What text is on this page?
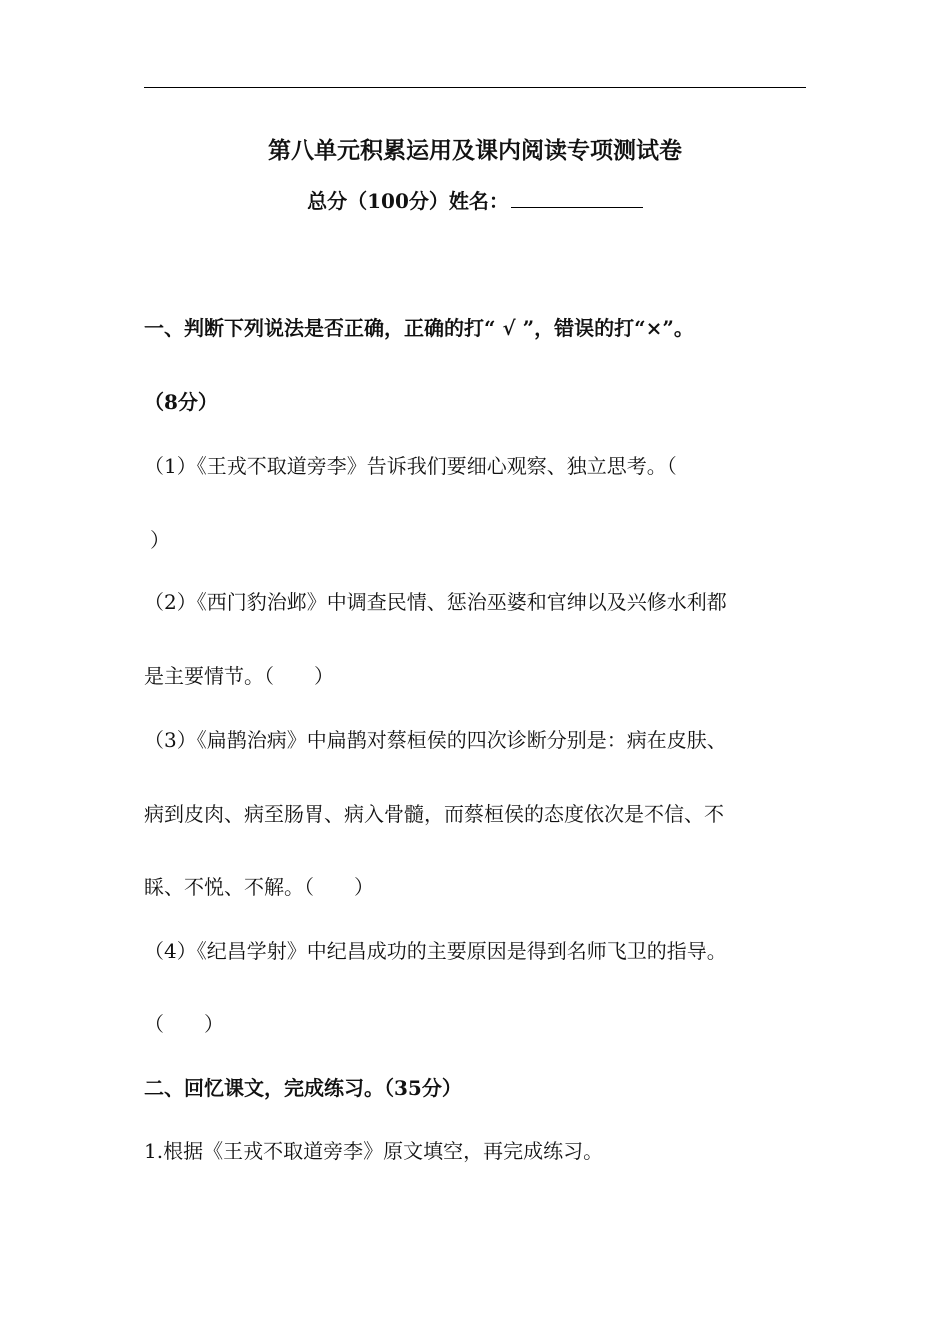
第八单元积累运用及课内阅读专项测试卷
总分（100分）姓名：
一、判断下列说法是否正确，正确的打“ √ ”，错误的打“×”。
（8分）
（1）《王戎不取道旁李》告诉我们要细心观察、独立思考。（
）
（2）《西门豹治邺》中调查民情、惩治巫婆和官绅以及兴修水利都
是主要情节。（　　）
（3）《扁鹊治病》中扁鹊对蔡桓侯的四次诊断分别是：病在皮肤、
病到皮肉、病至肠胃、病入骨髓，而蔡桓侯的态度依次是不信、不
睬、不悦、不解。（　　）
（4）《纪昌学射》中纪昌成功的主要原因是得到名师飞卫的指导。
（　　）
二、回忆课文，完成练习。（35分）
1.根据《王戎不取道旁李》原文填空，再完成练习。
